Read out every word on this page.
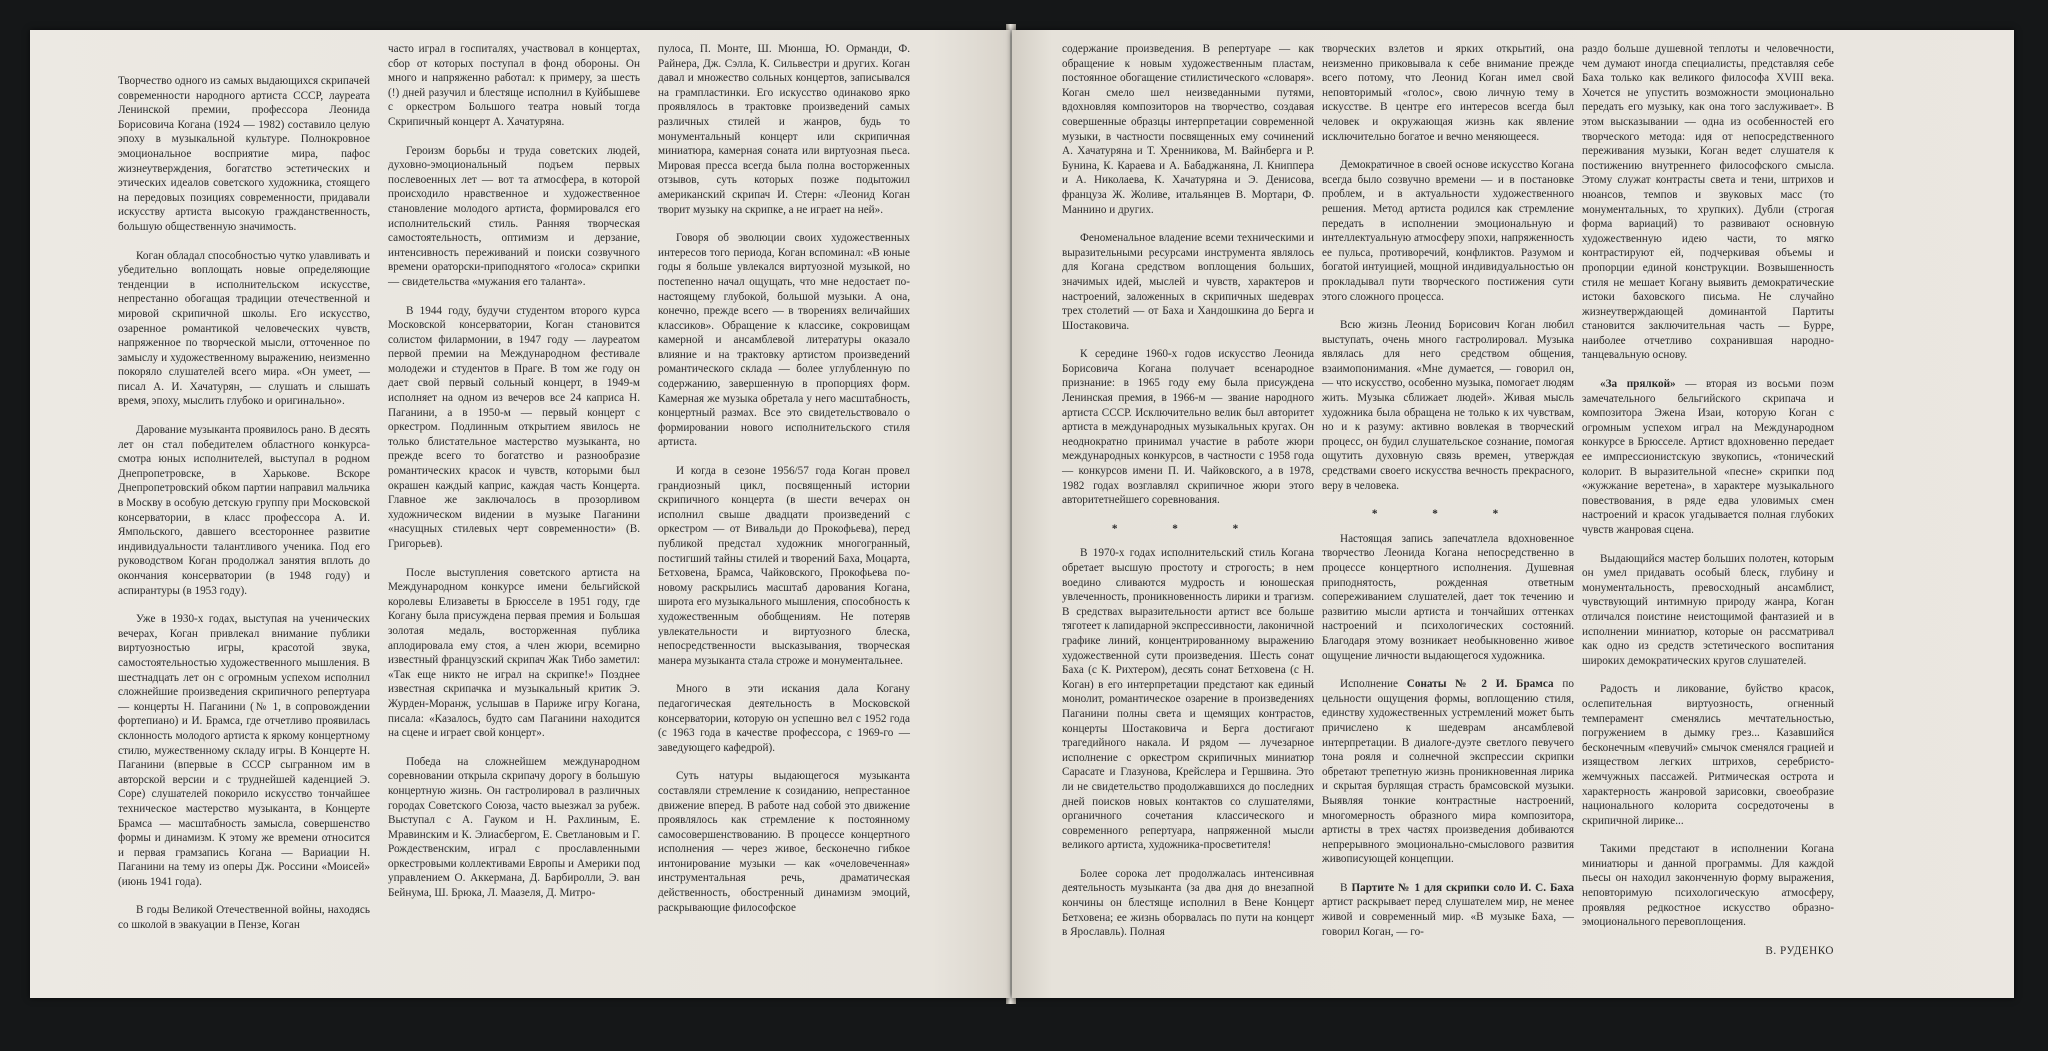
Творчество одного из самых выдающихся скрипачей современности народного артиста СССР, лауреата Ленинской премии, профессора Леонида Борисовича Когана (1924 — 1982) составило целую эпоху в музыкальной культуре. Полнокровное эмоциональное восприятие мира, пафос жизнеутверждения, богатство эстетических и этических идеалов советского художника, стоящего на передовых позициях современности, придавали искусству артиста высокую гражданственность, большую общественную значимость.

Коган обладал способностью чутко улавливать и убедительно воплощать новые определяющие тенденции в исполнительском искусстве, непрестанно обогащая традиции отечественной и мировой скрипичной школы. Его искусство, озаренное романтикой человеческих чувств, напряженное по творческой мысли, отточенное по замыслу и художественному выражению, неизменно покоряло слушателей всего мира. «Он умеет, — писал А. И. Хачатурян, — слушать и слышать время, эпоху, мыслить глубоко и оригинально».

Дарование музыканта проявилось рано. В десять лет он стал победителем областного конкурса-смотра юных исполнителей, выступал в родном Днепропетровске, в Харькове. Вскоре Днепропетровский обком партии направил мальчика в Москву в особую детскую группу при Московской консерватории, в класс профессора А. И. Ямпольского, давшего всестороннее развитие индивидуальности талантливого ученика. Под его руководством Коган продолжал занятия вплоть до окончания консерватории (в 1948 году) и аспирантуры (в 1953 году).

Уже в 1930-х годах, выступая на ученических вечерах, Коган привлекал внимание публики виртуозностью игры, красотой звука, самостоятельностью художественного мышления. В шестнадцать лет он с огромным успехом исполнил сложнейшие произведения скрипичного репертуара — концерты Н. Паганини (№ 1, в сопровождении фортепиано) и И. Брамса, где отчетливо проявилась склонность молодого артиста к яркому концертному стилю, мужественному складу игры. В Концерте Н. Паганини (впервые в СССР сыгранном им в авторской версии и с труднейшей каденцией Э. Соре) слушателей покорило искусство тончайшее техническое мастерство музыканта, в Концерте Брамса — масштабность замысла, совершенство формы и динамизм. К этому же времени относится и первая грамзапись Когана — Вариации Н. Паганини на тему из оперы Дж. Россини «Моисей» (июнь 1941 года).

В годы Великой Отечественной войны, находясь со школой в эвакуации в Пензе, Коган

часто играл в госпиталях, участвовал в концертах, сбор от которых поступал в фонд обороны. Он много и напряженно работал: к примеру, за шесть (!) дней разучил и блестяще исполнил в Куйбышеве с оркестром Большого театра новый тогда Скрипичный концерт А. Хачатуряна.

Героизм борьбы и труда советских людей, духовно-эмоциональный подъем первых послевоенных лет — вот та атмосфера, в которой происходило нравственное и художественное становление молодого артиста, формировался его исполнительский стиль. Ранняя творческая самостоятельность, оптимизм и дерзание, интенсивность переживаний и поиски созвучного времени ораторски-приподнятого «голоса» скрипки — свидетельства «мужания его таланта».

В 1944 году, будучи студентом второго курса Московской консерватории, Коган становится солистом филармонии, в 1947 году — лауреатом первой премии на Международном фестивале молодежи и студентов в Праге. В том же году он дает свой первый сольный концерт, в 1949-м исполняет на одном из вечеров все 24 каприса Н. Паганини, а в 1950-м — первый концерт с оркестром. Подлинным открытием явилось не только блистательное мастерство музыканта, но прежде всего то богатство и разнообразие романтических красок и чувств, которыми был окрашен каждый каприс, каждая часть Концерта. Главное же заключалось в прозорливом художническом видении в музыке Паганини «насущных стилевых черт современности» (В. Григорьев).

После выступления советского артиста на Международном конкурсе имени бельгийской королевы Елизаветы в Брюсселе в 1951 году, где Когану была присуждена первая премия и Большая золотая медаль, восторженная публика аплодировала ему стоя, а член жюри, всемирно известный французский скрипач Жак Тибо заметил: «Так еще никто не играл на скрипке!» Позднее известная скрипачка и музыкальный критик Э. Журден-Моранж, услышав в Париже игру Когана, писала: «Казалось, будто сам Паганини находится на сцене и играет свой концерт».

Победа на сложнейшем международном соревновании открыла скрипачу дорогу в большую концертную жизнь. Он гастролировал в различных городах Советского Союза, часто выезжал за рубеж. Выступал с А. Гауком и Н. Рахлиным, Е. Мравинским и К. Элиасбергом, Е. Светлановым и Г. Рождественским, играл с прославленными оркестровыми коллективами Европы и Америки под управлением О. Аккермана, Д. Барбиролли, Э. ван Бейнума, Ш. Брюка, Л. Маазеля, Д. Митро-

пулоса, П. Монте, Ш. Мюнша, Ю. Орманди, Ф. Райнера, Дж. Сэлла, К. Сильвестри и других. Коган давал и множество сольных концертов, записывался на грампластинки. Его искусство одинаково ярко проявлялось в трактовке произведений самых различных стилей и жанров, будь то монументальный концерт или скрипичная миниатюра, камерная соната или виртуозная пьеса. Мировая пресса всегда была полна восторженных отзывов, суть которых позже подытожил американский скрипач И. Стерн: «Леонид Коган творит музыку на скрипке, а не играет на ней».

Говоря об эволюции своих художественных интересов того периода, Коган вспоминал: «В юные годы я больше увлекался виртуозной музыкой, но постепенно начал ощущать, что мне недостает по-настоящему глубокой, большой музыки. А она, конечно, прежде всего — в творениях величайших классиков». Обращение к классике, сокровищам камерной и ансамблевой литературы оказало влияние и на трактовку артистом произведений романтического склада — более углубленную по содержанию, завершенную в пропорциях форм. Камерная же музыка обретала у него масштабность, концертный размах. Все это свидетельствовало о формировании нового исполнительского стиля артиста.

И когда в сезоне 1956/57 года Коган провел грандиозный цикл, посвященный истории скрипичного концерта (в шести вечерах он исполнил свыше двадцати произведений с оркестром — от Вивальди до Прокофьева), перед публикой предстал художник многогранный, постигший тайны стилей и творений Баха, Моцарта, Бетховена, Брамса, Чайковского, Прокофьева по-новому раскрылись масштаб дарования Когана, широта его музыкального мышления, способность к художественным обобщениям. Не потеряв увлекательности и виртуозного блеска, непосредственности высказывания, творческая манера музыканта стала строже и монументальнее.

Много в эти искания дала Когану педагогическая деятельность в Московской консерватории, которую он успешно вел с 1952 года (с 1963 года в качестве профессора, с 1969-го — заведующего кафедрой).

Суть натуры выдающегося музыканта составляли стремление к созиданию, непрестанное движение вперед. В работе над собой это движение проявлялось как стремление к постоянному самосовершенствованию. В процессе концертного исполнения — через живое, бесконечно гибкое интонирование музыки — как «очеловеченная» инструментальная речь, драматическая действенность, обостренный динамизм эмоций, раскрывающие философское

содержание произведения. В репертуаре — как обращение к новым художественным пластам, постоянное обогащение стилистического «словаря». Коган смело шел неизведанными путями, вдохновляя композиторов на творчество, создавая совершенные образцы интерпретации современной музыки, в частности посвященных ему сочинений А. Хачатуряна и Т. Хренникова, М. Вайнберга и Р. Бунина, К. Караева и А. Бабаджаняна, Л. Книппера и А. Николаева, К. Хачатуряна и Э. Денисова, француза Ж. Жоливе, итальянцев В. Мортари, Ф. Маннино и других.

Феноменальное владение всеми техническими и выразительными ресурсами инструмента являлось для Когана средством воплощения больших, значимых идей, мыслей и чувств, характеров и настроений, заложенных в скрипичных шедеврах трех столетий — от Баха и Хандошкина до Берга и Шостаковича.

К середине 1960-х годов искусство Леонида Борисовича Когана получает всенародное признание: в 1965 году ему была присуждена Ленинская премия, в 1966-м — звание народного артиста СССР. Исключительно велик был авторитет артиста в международных музыкальных кругах. Он неоднократно принимал участие в работе жюри международных конкурсов, в частности с 1958 года — конкурсов имени П. И. Чайковского, а в 1978, 1982 годах возглавлял скрипичное жюри этого авторитетнейшего соревнования.

* * *

В 1970-х годах исполнительский стиль Когана обретает высшую простоту и строгость; в нем воедино сливаются мудрость и юношеская увлеченность, проникновенность лирики и трагизм. В средствах выразительности артист все больше тяготеет к лапидарной экспрессивности, лаконичной графике линий, концентрированному выражению художественной сути произведения. Шесть сонат Баха (с К. Рихтером), десять сонат Бетховена (с Н. Коган) в его интерпретации предстают как единый монолит, романтическое озарение в произведениях Паганини полны света и щемящих контрастов, концерты Шостаковича и Берга достигают трагедийного накала. И рядом — лучезарное исполнение с оркестром скрипичных миниатюр Сарасате и Глазунова, Крейслера и Гершвина. Это ли не свидетельство продолжавшихся до последних дней поисков новых контактов со слушателями, органичного сочетания классического и современного репертуара, напряженной мысли великого артиста, художника-просветителя!

Более сорока лет продолжалась интенсивная деятельность музыканта (за два дня до внезапной кончины он блестяще исполнил в Вене Концерт Бетховена; ее жизнь оборвалась по пути на концерт в Ярославль). Полная

творческих взлетов и ярких открытий, она неизменно приковывала к себе внимание прежде всего потому, что Леонид Коган имел свой неповторимый «голос», свою личную тему в искусстве. В центре его интересов всегда был человек и окружающая жизнь как явление исключительно богатое и вечно меняющееся.

Демократичное в своей основе искусство Когана всегда было созвучно времени — и в постановке проблем, и в актуальности художественного решения. Метод артиста родился как стремление передать в исполнении эмоциональную и интеллектуальную атмосферу эпохи, напряженность ее пульса, противоречий, конфликтов. Разумом и богатой интуицией, мощной индивидуальностью он прокладывал пути творческого постижения сути этого сложного процесса.

Всю жизнь Леонид Борисович Коган любил выступать, очень много гастролировал. Музыка являлась для него средством общения, взаимопонимания. «Мне думается, — говорил он, — что искусство, особенно музыка, помогает людям жить. Музыка сближает людей». Живая мысль художника была обращена не только к их чувствам, но и к разуму: активно вовлекая в творческий процесс, он будил слушательское сознание, помогая ощутить духовную связь времен, утверждая средствами своего искусства вечность прекрасного, веру в человека.

* * *

Настоящая запись запечатлела вдохновенное творчество Леонида Когана непосредственно в процессе концертного исполнения. Душевная приподнятость, рожденная ответным сопереживанием слушателей, дает ток течению и развитию мысли артиста и тончайших оттенках настроений и психологических состояний. Благодаря этому возникает необыкновенно живое ощущение личности выдающегося художника.

Исполнение Сонаты № 2 И. Брамса по цельности ощущения формы, воплощению стиля, единству художественных устремлений может быть причислено к шедеврам ансамблевой интерпретации. В диалоге-дуэте светлого певучего тона рояля и солнечной экспрессии скрипки обретают трепетную жизнь проникновенная лирика и скрытая бурлящая страсть брамсовской музыки. Выявляя тонкие контрастные настроений, многомерность образного мира композитора, артисты в трех частях произведения добиваются непрерывного эмоционально-смыслового развития живописующей концепции.

В Партите № 1 для скрипки соло И. С. Баха артист раскрывает перед слушателем мир, не менее живой и современный мир. «В музыке Баха, — говорил Коган, — го-

раздо больше душевной теплоты и человечности, чем думают иногда специалисты, представляя себе Баха только как великого философа XVIII века. Хочется не упустить возможности эмоционально передать его музыку, как она того заслуживает». В этом высказывании — одна из особенностей его творческого метода: идя от непосредственного переживания музыки, Коган ведет слушателя к постижению внутреннего философского смысла. Этому служат контрасты света и тени, штрихов и нюансов, темпов и звуковых масс (то монументальных, то хрупких). Дубли (строгая форма вариаций) то развивают основную художественную идею части, то мягко контрастируют ей, подчеркивая объемы и пропорции единой конструкции. Возвышенность стиля не мешает Когану выявить демократические истоки баховского письма. Не случайно жизнеутверждающей доминантой Партиты становится заключительная часть — Бурре, наиболее отчетливо сохранившая народно-танцевальную основу.

«За прялкой» — вторая из восьми поэм замечательного бельгийского скрипача и композитора Эжена Изаи, которую Коган с огромным успехом играл на Международном конкурсе в Брюсселе. Артист вдохновенно передает ее импрессионистскую звукопись, «тонический колорит. В выразительной «песне» скрипки под «жужжание веретена», в характере музыкального повествования, в ряде едва уловимых смен настроений и красок угадывается полная глубоких чувств жанровая сцена.

Выдающийся мастер больших полотен, которым он умел придавать особый блеск, глубину и монументальность, превосходный ансамблист, чувствующий интимную природу жанра, Коган отличался поистине неистощимой фантазией и в исполнении миниатюр, которые он рассматривал как одно из средств эстетического воспитания широких демократических кругов слушателей.

Радость и ликование, буйство красок, ослепительная виртуозность, огненный темперамент сменялись мечтательностью, погружением в дымку грез... Казавшийся бесконечным «певучий» смычок сменялся грацией и изяществом легких штрихов, серебристо-жемчужных пассажей. Ритмическая острота и характерность жанровой зарисовки, своеобразие национального колорита сосредоточены в скрипичной лирике...

Такими предстают в исполнении Когана миниатюры и данной программы. Для каждой пьесы он находил законченную форму выражения, неповторимую психологическую атмосферу, проявляя редкостное искусство образно-эмоционального перевоплощения.

В. РУДЕНКО
